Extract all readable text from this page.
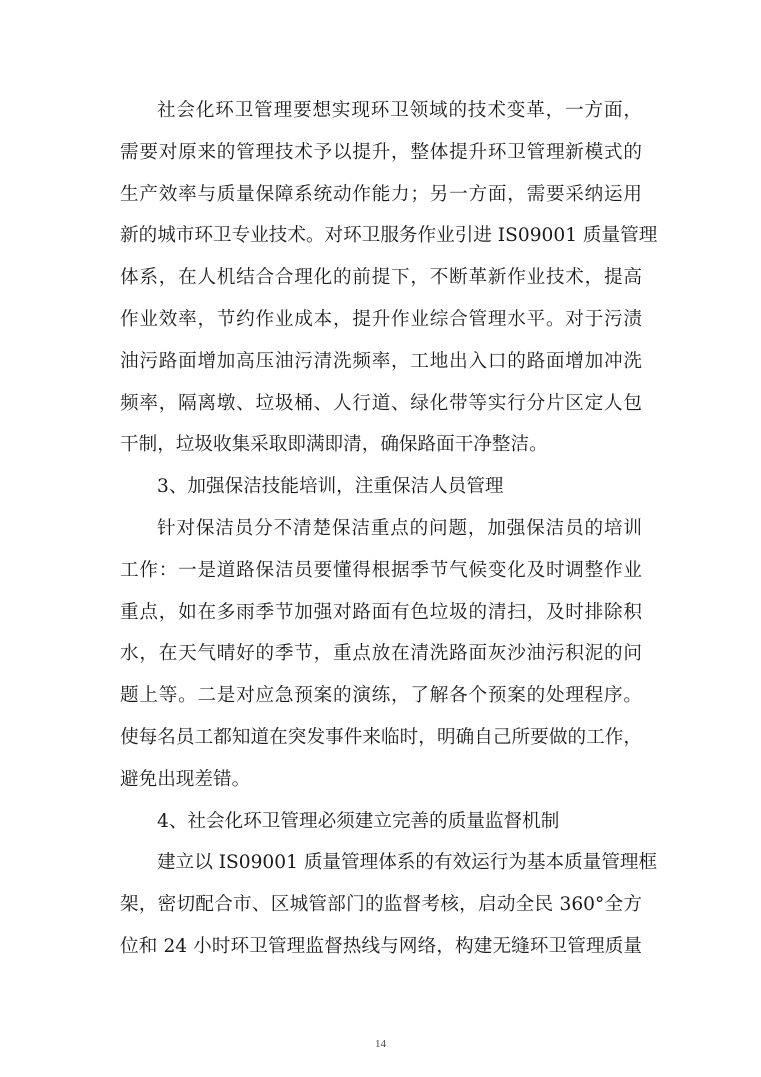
社会化环卫管理要想实现环卫领域的技术变革，一方面，
需要对原来的管理技术予以提升，整体提升环卫管理新模式的
生产效率与质量保障系统动作能力；另一方面，需要采纳运用
新的城市环卫专业技术。对环卫服务作业引进 IS09001 质量管理
体系，在人机结合合理化的前提下，不断革新作业技术，提高
作业效率，节约作业成本，提升作业综合管理水平。对于污渍
油污路面增加高压油污清洗频率，工地出入口的路面增加冲洗
频率，隔离墩、垃圾桶、人行道、绿化带等实行分片区定人包
干制，垃圾收集采取即满即清，确保路面干净整洁。
3、加强保洁技能培训，注重保洁人员管理
针对保洁员分不清楚保洁重点的问题，加强保洁员的培训
工作：一是道路保洁员要懂得根据季节气候变化及时调整作业
重点，如在多雨季节加强对路面有色垃圾的清扫，及时排除积
水，在天气晴好的季节，重点放在清洗路面灰沙油污积泥的问
题上等。二是对应急预案的演练，了解各个预案的处理程序。
使每名员工都知道在突发事件来临时，明确自己所要做的工作，
避免出现差错。
4、社会化环卫管理必须建立完善的质量监督机制
建立以 IS09001 质量管理体系的有效运行为基本质量管理框
架，密切配合市、区城管部门的监督考核，启动全民 360°全方
位和 24 小时环卫管理监督热线与网络，构建无缝环卫管理质量
14
